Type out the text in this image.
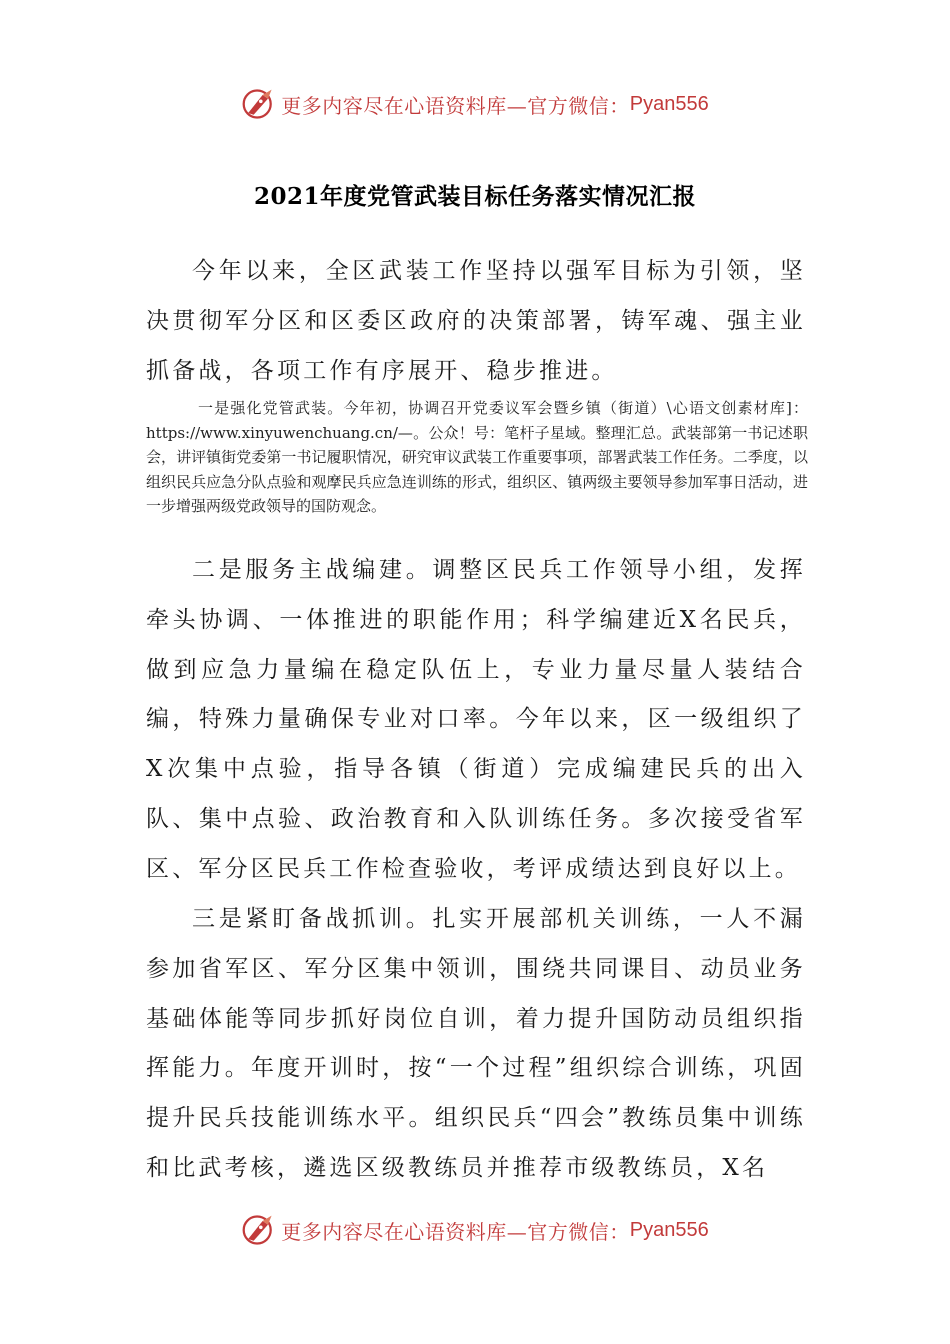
更多内容尽在心语资料库—官方微信： Pyan556
2021年度党管武装目标任务落实情况汇报

今年以来，全区武装工作坚持以强军目标为引领，坚决贯彻军分区和区委区政府的决策部署，铸军魂、强主业抓备战，各项工作有序展开、稳步推进。

一是强化党管武装。今年初，协调召开党委议军会暨乡镇（街道）\心语文创素材库]：https://www.xinyuwenchuang.cn/—。公众！号：笔杆子星域。整理汇总。武装部第一书记述职会，讲评镇街党委第一书记履职情况，研究审议武装工作重要事项，部署武装工作任务。二季度，以组织民兵应急分队点验和观摩民兵应急连训练的形式，组织区、镇两级主要领导参加军事日活动，进一步增强两级党政领导的国防观念。

二是服务主战编建。调整区民兵工作领导小组，发挥牵头协调、一体推进的职能作用；科学编建近X名民兵，做到应急力量编在稳定队伍上，专业力量尽量人装结合编，特殊力量确保专业对口率。今年以来，区一级组织了X次集中点验，指导各镇（街道）完成编建民兵的出入队、集中点验、政治教育和入队训练任务。多次接受省军区、军分区民兵工作检查验收，考评成绩达到良好以上。

三是紧盯备战抓训。扎实开展部机关训练，一人不漏参加省军区、军分区集中领训，围绕共同课目、动员业务基础体能等同步抓好岗位自训，着力提升国防动员组织指挥能力。年度开训时，按“一个过程”组织综合训练，巩固提升民兵技能训练水平。组织民兵“四会”教练员集中训练和比武考核，遴选区级教练员并推荐市级教练员，X名

更多内容尽在心语资料库—官方微信： Pyan556
